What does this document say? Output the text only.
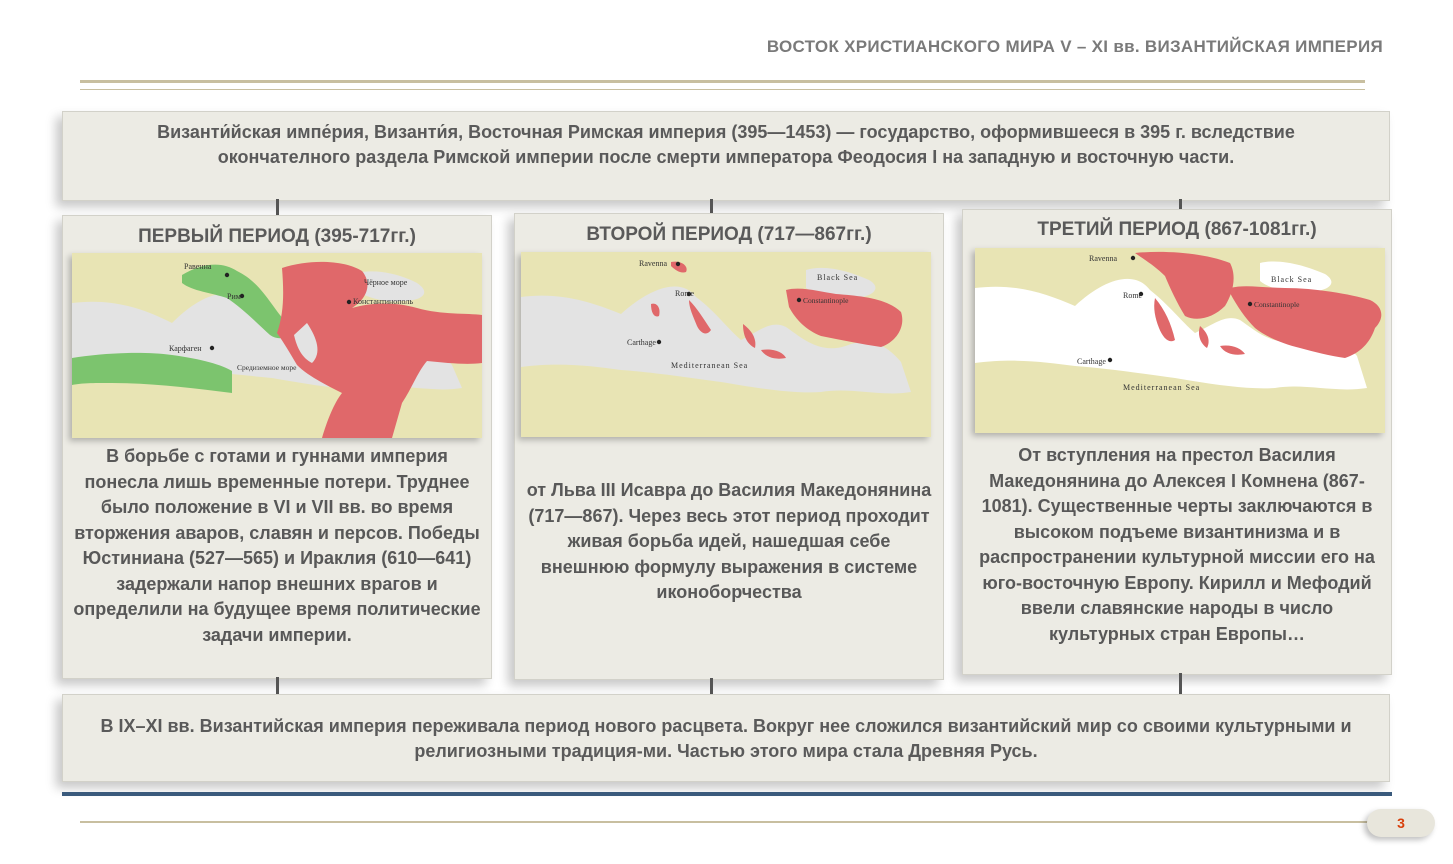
ВОСТОК ХРИСТИАНСКОГО МИРА V – XI вв. ВИЗАНТИЙСКАЯ ИМПЕРИЯ
Византи́йская импе́рия, Византи́я, Восточная Римская империя (395—1453) — государство, оформившееся в 395 г. вследствие окончателного раздела Римской империи после смерти императора Феодосия I на западную и восточную части.
ПЕРВЫЙ ПЕРИОД (395-717гг.)
Равенна
Рим
Карфаген
Средиземное море
Чёрное море
Константинополь
В борьбе с готами и гуннами империя понесла лишь временные потери. Труднее было положение в VI и VII вв. во время вторжения аваров, славян и персов. Победы Юстиниана (527—565) и Ираклия (610—641) задержали напор внешних врагов и определили на будущее время политические задачи империи.
ВТОРОЙ ПЕРИОД (717—867гг.)
Ravenna
Rome
Carthage
Mediterranean Sea
Black Sea
Constantinople
от Льва III Исавра до Василия Македонянина (717—867). Через весь этот период проходит живая борьба идей, нашедшая себе внешнюю формулу выражения в системе иконоборчества
ТРЕТИЙ ПЕРИОД (867-1081гг.)
Ravenna
Rome
Carthage
Mediterranean Sea
Black Sea
Constantinople
От вступления на престол Василия Македонянина до Алексея I Комнена (867-1081). Существенные черты заключаются в высоком подъеме византинизма и в распространении культурной миссии его на юго-восточную Европу. Кирилл и Мефодий ввели славянские народы в число культурных стран Европы…
В IX–XI вв. Византийская империя переживала период нового расцвета. Вокруг нее сложился византийский мир со своими культурными и религиозными традиция-ми. Частью этого мира стала Древняя Русь.
3
